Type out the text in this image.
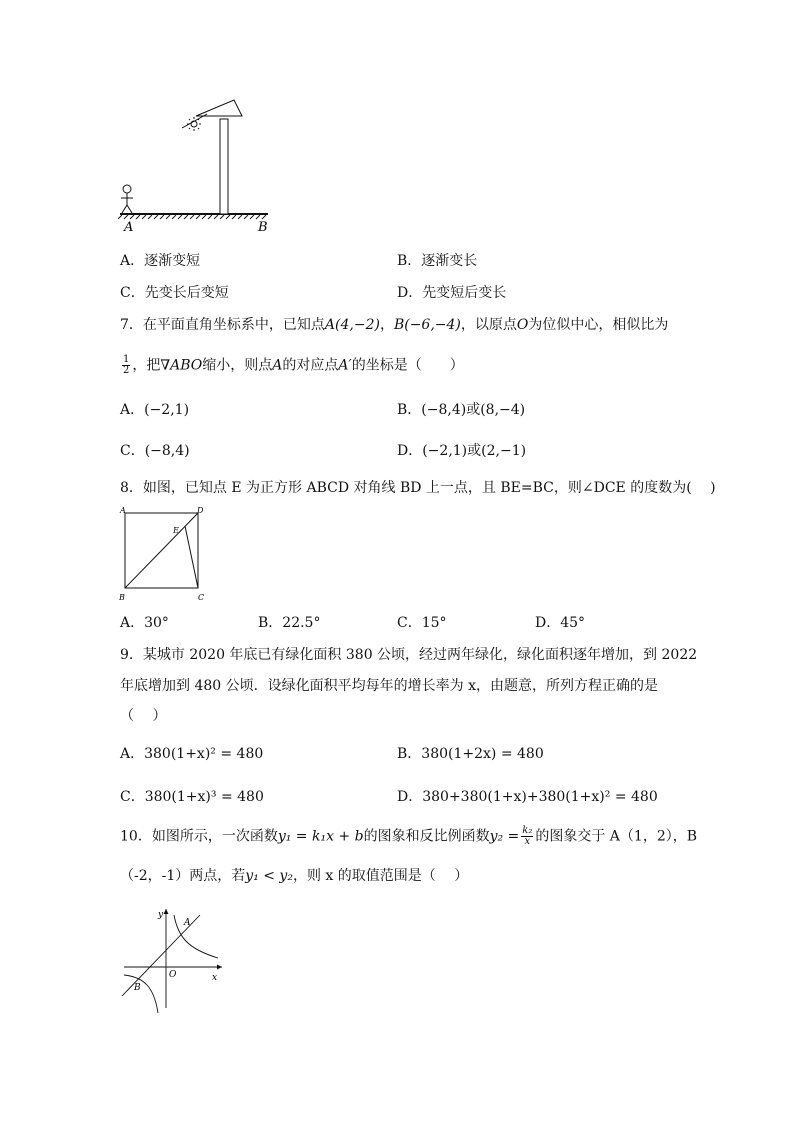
A	B
A．逐渐变短	B．逐渐变长
C．先变长后变短	D．先变短后变长
7．在平面直角坐标系中，已知点A(4,−2)，B(−6,−4)，以原点O为位似中心，相似比为
$\frac{1}{2}$ ，把∇ABO缩小，则点A的对应点A′的坐标是（　　）
A．(−2,1)	B．(−8,4)或(8,−4)
C．(−8,4)	D．(−2,1)或(2,−1)
8．如图，已知点 E 为正方形 ABCD 对角线 BD 上一点，且 BE=BC，则∠DCE 的度数为(　 )
A	D
E
B	C
A．30°	B．22.5°	C．15°	D．45°
9．某城市 2020 年底已有绿化面积 380 公顷，经过两年绿化，绿化面积逐年增加，到 2022
年底增加到 480 公顷．设绿化面积平均每年的增长率为 x，由题意，所列方程正确的是
（　 ）
A．380(1+x)² = 480	B．380(1+2x) = 480
C．380(1+x)³ = 480	D．380+380(1+x)+380(1+x)² = 480
10．如图所示，一次函数y₁ = k₁x + b的图象和反比例函数$y_2 = \frac{\text{k₂}}{x}$ 的图象交于 A（1，2），B
（-2，-1）两点，若y₁ < y₂，则 x 的取值范围是（　 ）
y
x
O
A
B
